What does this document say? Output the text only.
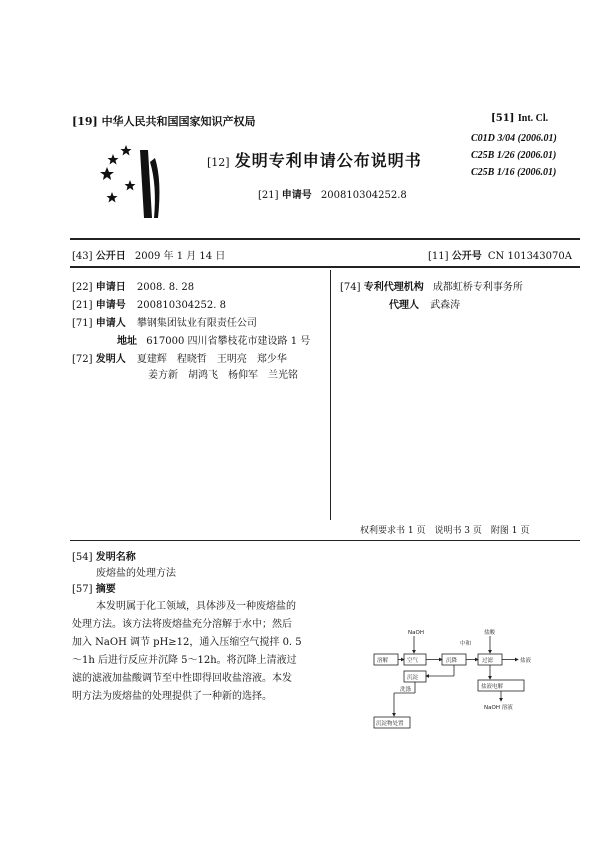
[19] 中华人民共和国国家知识产权局
[12] 发明专利申请公布说明书
[21] 申请号 200810304252.8
[51] Int. Cl.
C01D 3/04 (2006.01)
C25B 1/26 (2006.01)
C25B 1/16 (2006.01)
[43] 公开日 2009 年 1 月 14 日	[11] 公开号 CN 101343070A
[22] 申请日 2008. 8. 28
[21] 申请号 200810304252. 8
[71] 申请人 攀钢集团钛业有限责任公司
地址 617000 四川省攀枝花市建设路 1 号
[72] 发明人 夏建辉　程晓哲　王明亮　郑少华
姜方新　胡鸿飞　杨仰军　兰光铭
[74] 专利代理机构 成都虹桥专利事务所
代理人 武森涛
权利要求书 1 页　说明书 3 页　附图 1 页
[54] 发明名称
废熔盐的处理方法
[57] 摘要
本发明属于化工领域，具体涉及一种废熔盐的
处理方法。该方法将废熔盐充分溶解于水中；然后
加入 NaOH 调节 pH≥12，通入压缩空气搅拌 0. 5
～1h 后进行反应并沉降 5～12h。将沉降上清液过
滤的滤液加盐酸调节至中性即得回收盐溶液。本发
明方法为废熔盐的处理提供了一种新的选择。
NaOH	盐酸
溶解	空气	沉降	过滤	盐液
沉淀
洗涤
沉淀物处置
盐液电解
NaOH 溶液
中和
